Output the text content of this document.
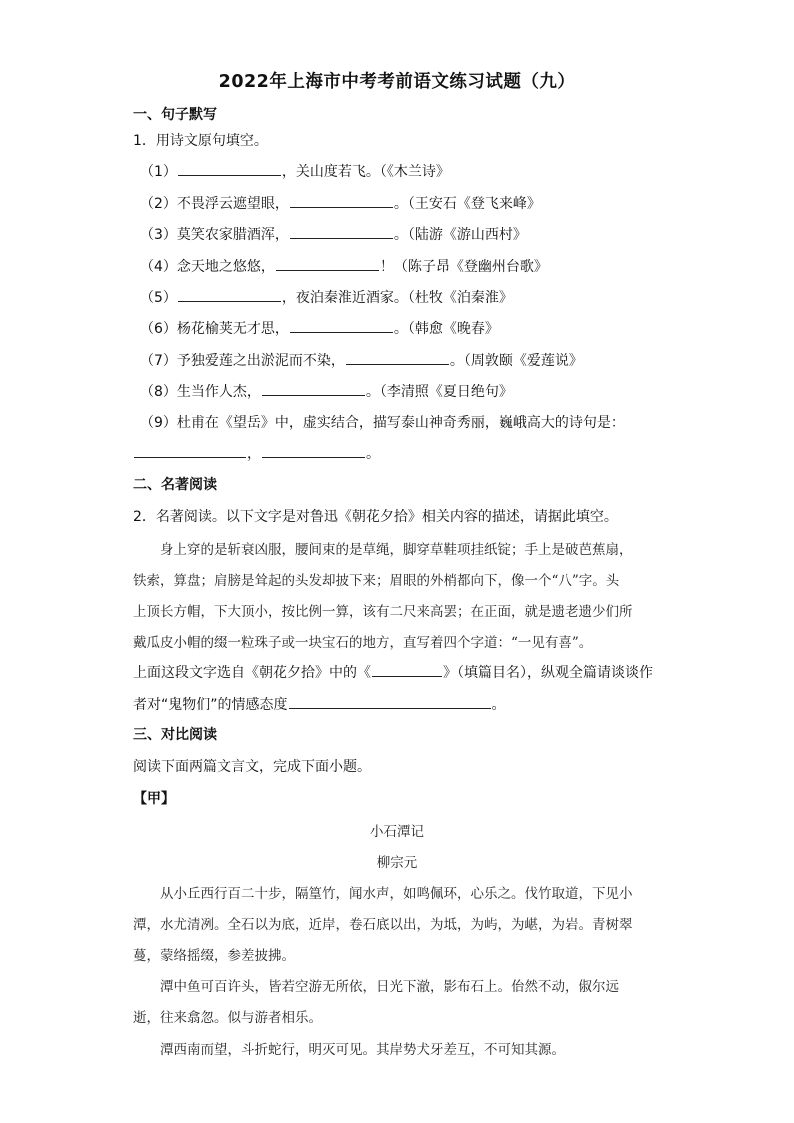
2022年上海市中考考前语文练习试题（九）
一、句子默写
1．用诗文原句填空。
（1）	，关山度若飞。（《木兰诗》
（2）不畏浮云遮望眼，	。（王安石《登飞来峰》
（3）莫笑农家腊酒浑，	。（陆游《游山西村》
（4）念天地之悠悠，	！（陈子昂《登幽州台歌》
（5）	，夜泊秦淮近酒家。（杜牧《泊秦淮》
（6）杨花榆荚无才思，	。（韩愈《晚春》
（7）予独爱莲之出淤泥而不染，	。（周敦颐《爱莲说》
（8）生当作人杰，	。（李清照《夏日绝句》
（9）杜甫在《望岳》中，虚实结合，描写泰山神奇秀丽，巍峨高大的诗句是：
，	。
二、名著阅读
2．名著阅读。以下文字是对鲁迅《朝花夕拾》相关内容的描述，请据此填空。
身上穿的是斩衰凶服，腰间束的是草绳，脚穿草鞋项挂纸锭；手上是破芭蕉扇，
铁索，算盘；肩膀是耸起的头发却披下来；眉眼的外梢都向下，像一个“八”字。头
上顶长方帽，下大顶小，按比例一算，该有二尺来高罢；在正面，就是遗老遗少们所
戴瓜皮小帽的缀一粒珠子或一块宝石的地方，直写着四个字道：“一见有喜”。
上面这段文字选自《朝花夕拾》中的《	》（填篇目名），纵观全篇请谈谈作
者对“鬼物们”的情感态度	。
三、对比阅读
阅读下面两篇文言文，完成下面小题。
【甲】
小石潭记
柳宗元
从小丘西行百二十步，隔篁竹，闻水声，如鸣佩环，心乐之。伐竹取道，下见小
潭，水尤清冽。全石以为底，近岸，卷石底以出，为坻，为屿，为嵁，为岩。青树翠
蔓，蒙络摇缀，参差披拂。
潭中鱼可百许头，皆若空游无所依，日光下澈，影布石上。佁然不动，俶尔远
逝，往来翕忽。似与游者相乐。
潭西南而望，斗折蛇行，明灭可见。其岸势犬牙差互，不可知其源。
